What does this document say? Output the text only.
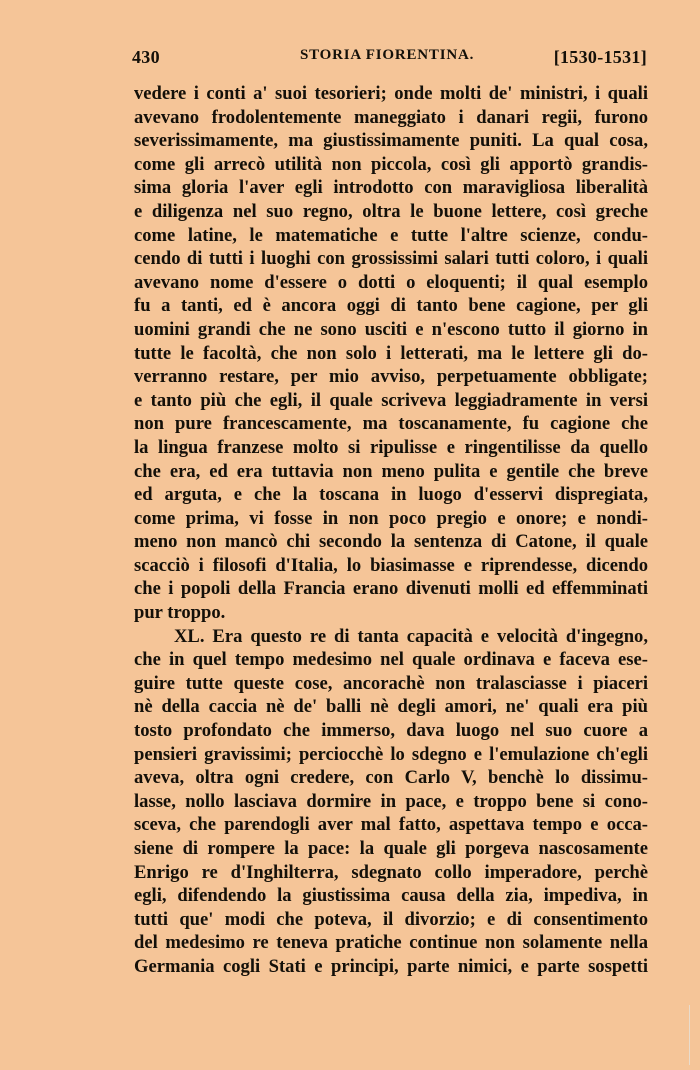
430	STORIA FIORENTINA.	[1530-1531]
vedere i conti a' suoi tesorieri; onde molti de' ministri, i quali
avevano frodolentemente maneggiato i danari regii, furono
severissimamente, ma giustissimamente puniti. La qual cosa,
come gli arrecò utilità non piccola, così gli apportò grandis-
sima gloria l'aver egli introdotto con maravigliosa liberalità
e diligenza nel suo regno, oltra le buone lettere, così greche
come latine, le matematiche e tutte l'altre scienze, condu-
cendo di tutti i luoghi con grossissimi salari tutti coloro, i quali
avevano nome d'essere o dotti o eloquenti; il qual esemplo
fu a tanti, ed è ancora oggi di tanto bene cagione, per gli
uomini grandi che ne sono usciti e n'escono tutto il giorno in
tutte le facoltà, che non solo i letterati, ma le lettere gli do-
verranno restare, per mio avviso, perpetuamente obbligate;
e tanto più che egli, il quale scriveva leggiadramente in versi
non pure francescamente, ma toscanamente, fu cagione che
la lingua franzese molto si ripulisse e ringentilisse da quello
che era, ed era tuttavia non meno pulita e gentile che breve
ed arguta, e che la toscana in luogo d'esservi dispregiata,
come prima, vi fosse in non poco pregio e onore; e nondi-
meno non mancò chi secondo la sentenza di Catone, il quale
scacciò i filosofi d'Italia, lo biasimasse e riprendesse, dicendo
che i popoli della Francia erano divenuti molli ed effemminati
pur troppo.
XL. Era questo re di tanta capacità e velocità d'ingegno,
che in quel tempo medesimo nel quale ordinava e faceva ese-
guire tutte queste cose, ancorachè non tralasciasse i piaceri
nè della caccia nè de' balli nè degli amori, ne' quali era più
tosto profondato che immerso, dava luogo nel suo cuore a
pensieri gravissimi; perciocchè lo sdegno e l'emulazione ch'egli
aveva, oltra ogni credere, con Carlo V, benchè lo dissimu-
lasse, nollo lasciava dormire in pace, e troppo bene si cono-
sceva, che parendogli aver mal fatto, aspettava tempo e occa-
siene di rompere la pace: la quale gli porgeva nascosamente
Enrigo re d'Inghilterra, sdegnato collo imperadore, perchè
egli, difendendo la giustissima causa della zia, impediva, in
tutti que' modi che poteva, il divorzio; e di consentimento
del medesimo re teneva pratiche continue non solamente nella
Germania cogli Stati e principi, parte nimici, e parte sospetti
